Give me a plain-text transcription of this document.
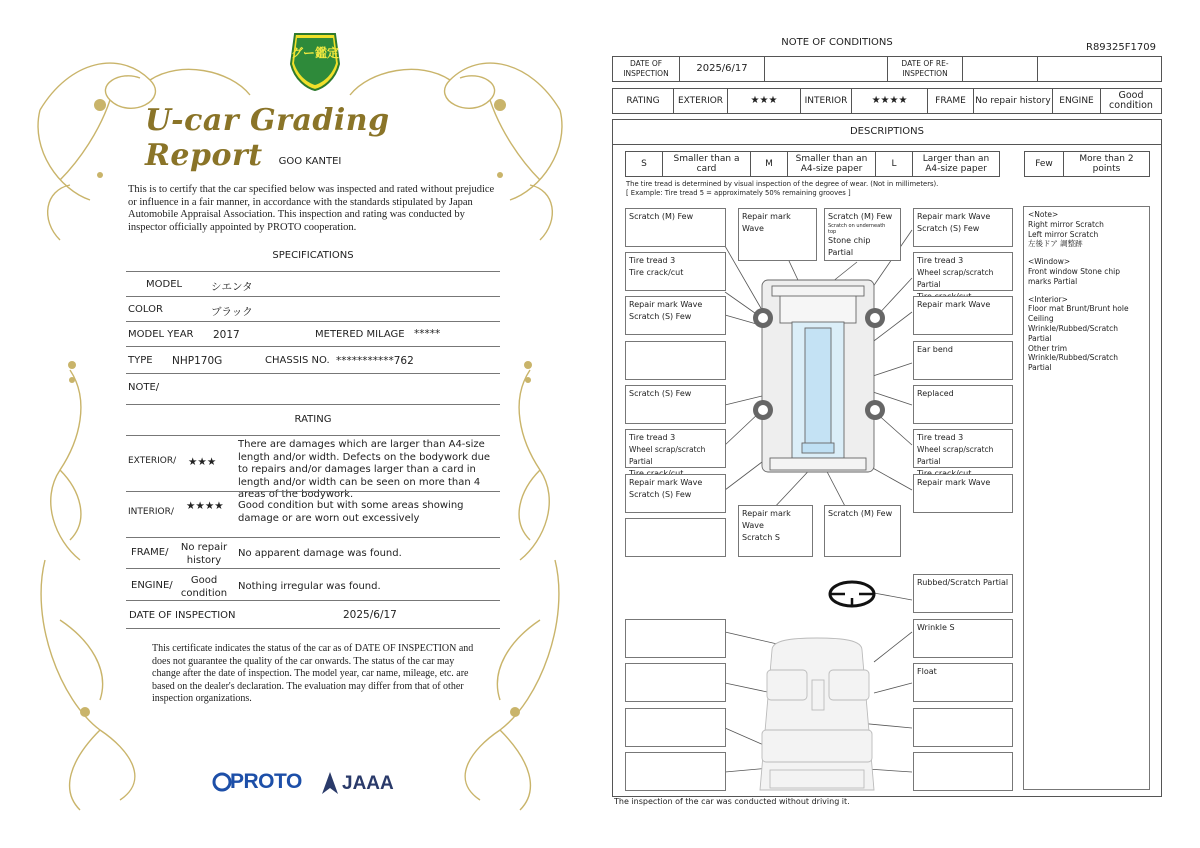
グー鑑定
U-car Grading Report	GOO KANTEI
This is to certify that the car specified below was inspected and rated without prejudice or influence in a fair manner, in accordance with the standards stipulated by Japan Automobile Appraisal Association. This inspection and rating was conducted by inspector officially appointed by PROTO cooperation.
SPECIFICATIONS
MODEL	シエンタ
COLOR	ブラック
MODEL YEAR 2017	METERED MILAGE *****
TYPE NHP170G	CHASSIS NO. ***********762
NOTE/
RATING
EXTERIOR/ ★★★
There are damages which are larger than A4-size length and/or width. Defects on the bodywork due to repairs and/or damages larger than a card in length and/or width can be seen on more than 4 areas of the bodywork.
INTERIOR/ ★★★★ Good condition but with some areas showing damage or are worn out excessively
FRAME/	No repair history
No apparent damage was found.
ENGINE/	Good condition
Nothing irregular was found.
DATE OF INSPECTION	2025/6/17
This certificate indicates the status of the car as of DATE OF INSPECTION and does not guarantee the quality of the car onwards. The status of the car may change after the date of inspection. The model year, car name, mileage, etc. are based on the dealer's declaration. The evaluation may differ from that of other inspection organizations.
PROTO JAAA
NOTE OF CONDITIONS	R89325F1709
DATE OF INSPECTION	2025/6/17	DATE OF RE-INSPECTION
RATING	EXTERIOR	★★★	INTERIOR	★★★★	FRAME	No repair history ENGINE	Good condition
DESCRIPTIONS
S	Smaller than a card	M	Smaller than an A4-size paper	L	Larger than an A4-size paper	Few	More than 2 points
The tire tread is determined by visual inspection of the degree of wear. (Not in millimeters).
[ Example: Tire tread 5 = approximately 50% remaining grooves ]
Scratch (M) Few	Repair mark Wave
Scratch (M) Few
Scratch on underneath
top
Stone chip Partial
Repair mark Wave
Scratch (S) Few
Tire tread 3
Tire crack/cut
Tire tread 3
Wheel scrap/scratch Partial
Repair mark Wave
Scratch (S) Few
Repair mark Wave
Ear bend
Scratch (S) Few	Replaced
Tire tread 3
Wheel scrap/scratch Partial
Tire tread 3
Wheel scrap/scratch Partial
Repair mark Wave
Scratch (S) Few
Repair mark Wave
Repair mark Wave
Scratch S
Scratch (M) Few
Rubbed/Scratch Partial
Wrinkle S
Float
<Note>
Right mirror Scratch
Left mirror Scratch
左後ドア 調整跡
<Window>
Front window Stone chip marks Partial
<Interior>
Floor mat Brunt/Brunt hole
Ceiling
Wrinkle/Rubbed/Scratch
Partial
Other trim
Wrinkle/Rubbed/Scratch
Partial
The inspection of the car was conducted without driving it.
